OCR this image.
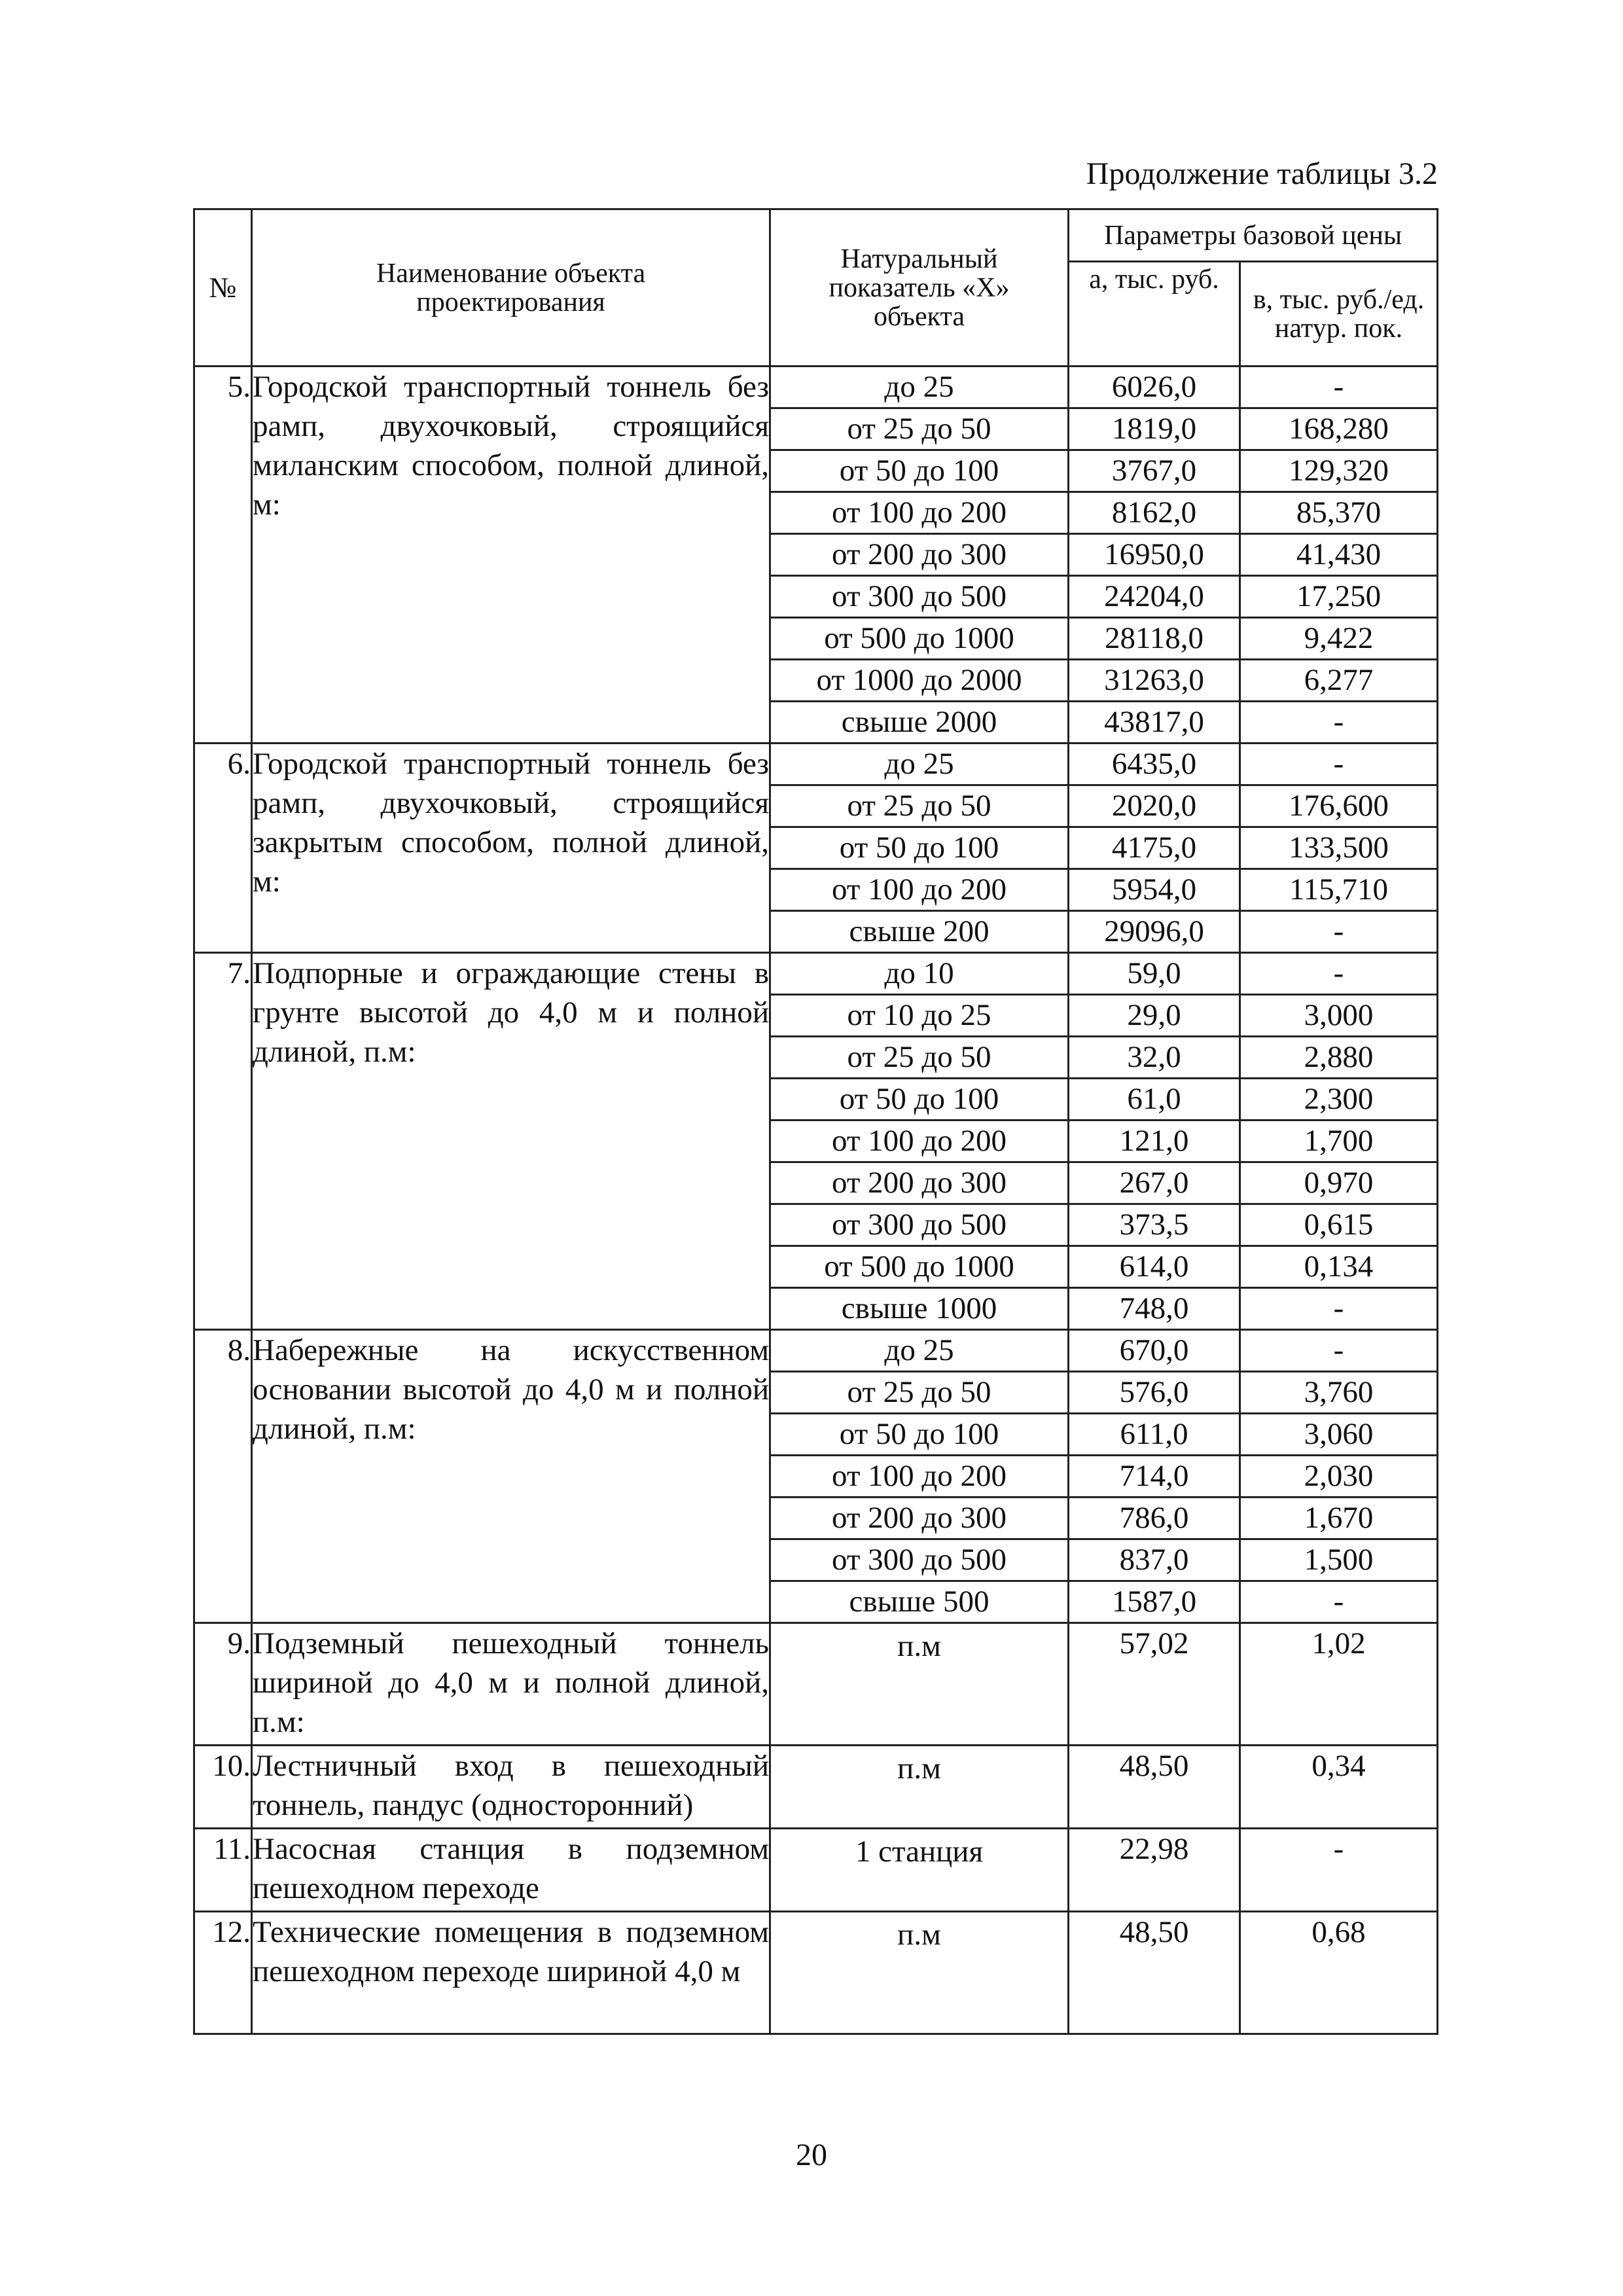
Продолжение таблицы 3.2
№	Наименование объекта проектирования	Натуральный показатель «Х» объекта	Параметры базовой цены	
			а, тыс. руб.	в, тыс. руб./ед. натур. пок.
5.	Городской транспортный тоннель без рамп, двухочковый, строящийся миланским способом, полной длиной, м:	до 25	6026,0	-
		от 25 до 50	1819,0	168,280
		от 50 до 100	3767,0	129,320
		от 100 до 200	8162,0	85,370
		от 200 до 300	16950,0	41,430
		от 300 до 500	24204,0	17,250
		от 500 до 1000	28118,0	9,422
		от 1000 до 2000	31263,0	6,277
		свыше 2000	43817,0	-
6.	Городской транспортный тоннель без рамп, двухочковый, строящийся закрытым способом, полной длиной, м:	до 25	6435,0	-
		от 25 до 50	2020,0	176,600
		от 50 до 100	4175,0	133,500
		от 100 до 200	5954,0	115,710
		свыше 200	29096,0	-
7.	Подпорные и ограждающие стены в грунте высотой до 4,0 м и полной длиной, п.м:	до 10	59,0	-
		от 10 до 25	29,0	3,000
		от 25 до 50	32,0	2,880
		от 50 до 100	61,0	2,300
		от 100 до 200	121,0	1,700
		от 200 до 300	267,0	0,970
		от 300 до 500	373,5	0,615
		от 500 до 1000	614,0	0,134
		свыше 1000	748,0	-
8.	Набережные на искусственном основании высотой до 4,0 м и полной длиной, п.м:	до 25	670,0	-
		от 25 до 50	576,0	3,760
		от 50 до 100	611,0	3,060
		от 100 до 200	714,0	2,030
		от 200 до 300	786,0	1,670
		от 300 до 500	837,0	1,500
		свыше 500	1587,0	-
9.	Подземный пешеходный тоннель шириной до 4,0 м и полной длиной, п.м:	п.м	57,02	1,02
10.	Лестничный вход в пешеходный тоннель, пандус (односторонний)	п.м	48,50	0,34
11.	Насосная станция в подземном пешеходном переходе	1 станция	22,98	-
12.	Технические помещения в подземном пешеходном переходе шириной 4,0 м	п.м	48,50	0,68
20
